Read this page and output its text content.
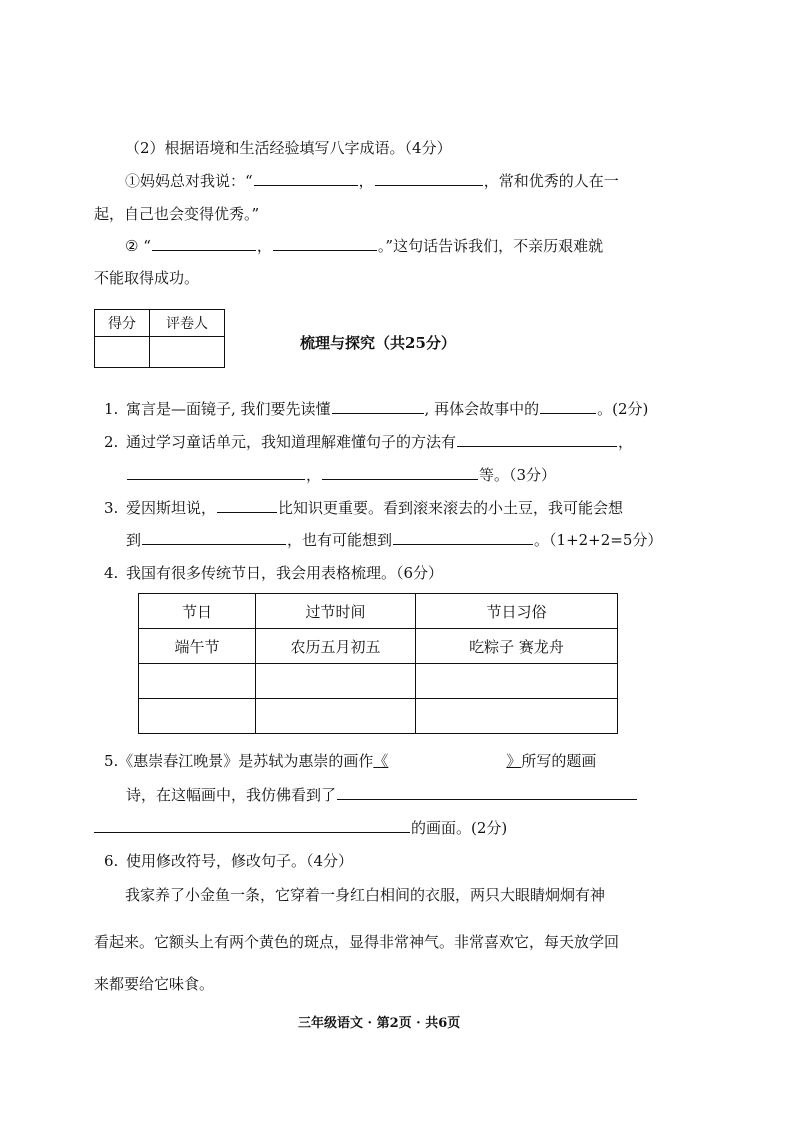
（2）根据语境和生活经验填写八字成语。（4分）
①妈妈总对我说：“	，	，常和优秀的人在一
起，自己也会变得优秀。”
② “	，	。”这句话告诉我们，不亲历艰难就
不能取得成功。
得分	评卷人

梳理与探究（共25分）
1. 寓言是—面镜子, 我们要先读懂	, 再体会故事中的	。(2分)
2. 通过学习童话单元，我知道理解难懂句子的方法有	，
，	等。（3分）
3. 爱因斯坦说，	比知识更重要。看到滚来滚去的小土豆，我可能会想
到	，也有可能想到	。（1+2+2=5分）
4. 我国有很多传统节日，我会用表格梳理。（6分）
节日	过节时间	节日习俗
端午节	农历五月初五	吃粽子 赛龙舟

5.《惠崇春江晚景》是苏轼为惠崇的画作《	》所写的题画
诗，在这幅画中，我仿佛看到了
的画面。(2分)
6. 使用修改符号，修改句子。（4分）
我家养了小金鱼一条，它穿着一身红白相间的衣服，两只大眼睛炯炯有神
看起来。它额头上有两个黄色的斑点，显得非常神气。非常喜欢它，每天放学回
来都要给它味食。
三年级语文 · 第2页 · 共6页
